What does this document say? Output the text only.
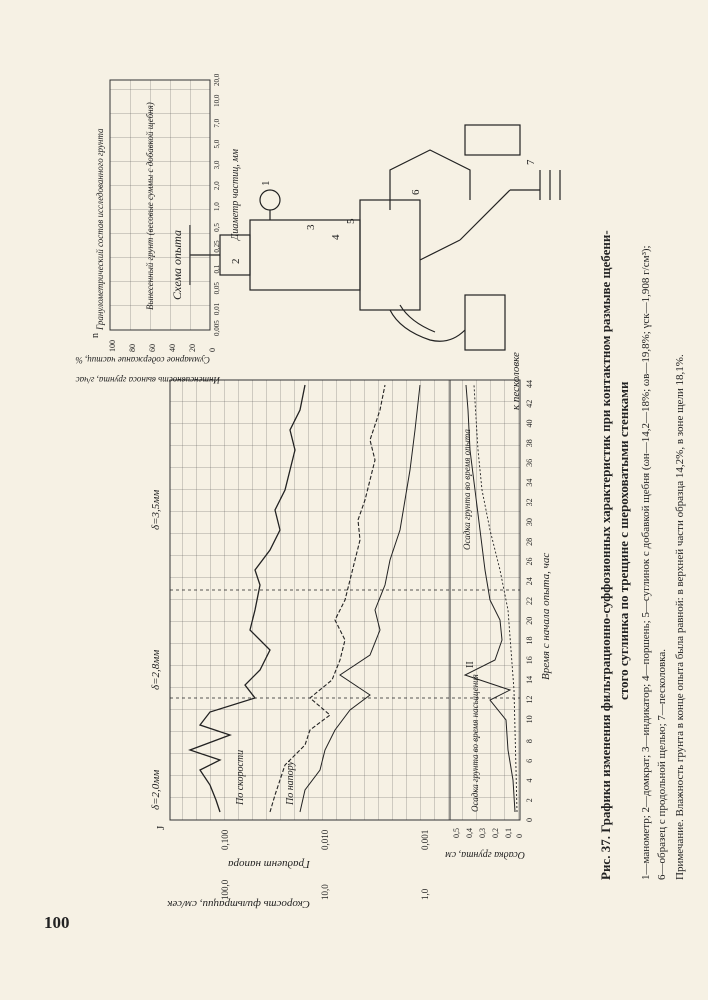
Схема опыта
к песколовке
1
2
3
4
5
6
7
δ=2,0мм
δ=2,8мм
δ=3,5мм
По скорости	По напору	Осадка грунта во время насыщения
Осадка грунта во время опыта
II	Время с начала опыта, час
Скорость фильтрации, см/сек
Градиент напора
Осадка грунта, см
J
0,100	0,010	0,001
100,0	10,0	1,0
0,5 0,4 0,3 0,2 0,1 0
0
2
4
6
8
10
12
14
16
18
20
22
24
26
28
30
32
34
36
38
40
42
44
Гранулометрический состав исследованного грунта	Вынесенный грунт (весовые суммы с добавкой щебня)	Диаметр частиц, мм
Суммарное содержание частиц, %
Интенсивность выноса грунта, г/час
n	0,005
0,01
0,05
0,1
0,25
0,5
1,0
2,0
3,0
5,0
7,0
10,0
20,0
100 80 60 40 20 0	Рис. 37. Графики изменения фильтрационно-суффозионных характеристик при контактном размыве щебени- стого суглинка по трещине с шероховатыми стенками 1—манометр; 2—домкрат; 3—индикатор; 4—поршень; 5—суглинок с добавкой щебня (ωн—14,2—18%; ωв—19,8%; γск—1,908 г/см³); 6—образец с продольной щелью; 7—песколовка. Примечание. Влажность грунта в конце опыта была равной: в верхней части образца 14,2%, в зоне щели 18,1%.
100
